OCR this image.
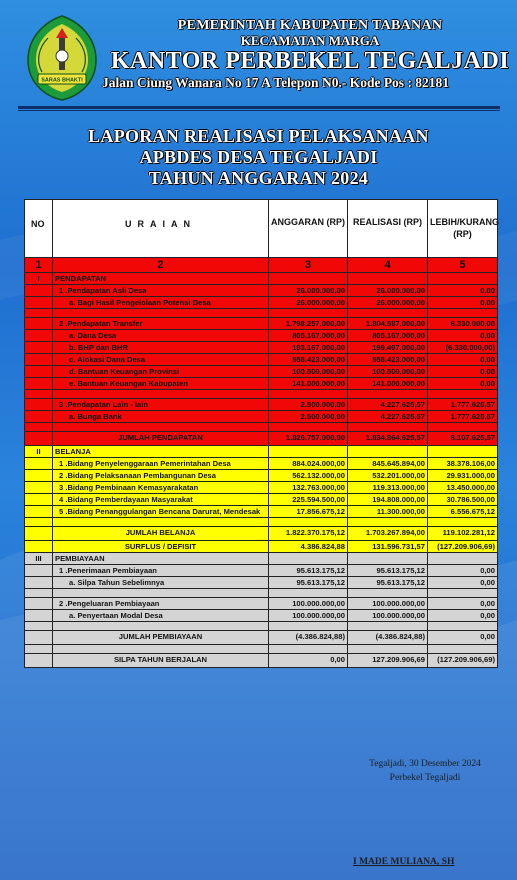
SARAS BHAKTI
PEMERINTAH KABUPATEN TABANAN
KECAMATAN MARGA
KANTOR PERBEKEL TEGALJADI
Jalan Ciung Wanara No 17 A Telepon N0.- Kode Pos : 82181
LAPORAN REALISASI PELAKSANAAN
APBDES DESA TEGALJADI
TAHUN ANGGARAN 2024
NO	URAIAN	ANGGARAN (RP)	REALISASI (RP)	LEBIH/KURANG (RP)
1	2	3	4	5
I	PENDAPATAN			
	1 .Pendapatan Asli Desa	26.000.000,00	26.000.000,00	0,00
	a. Bagi Hasil Pengelolaan Potensi Desa	26.000.000,00	26.000.000,00	0,00

	2 .Pendapatan Transfer	1.798.257.000,00	1.804.587.000,00	6.330.000,00
	a. Dana Desa	805.167.000,00	805.167.000,00	0,00
	b. BHP dan BHR	193.167.000,00	199.497.000,00	(6.330.000,00)
	c. Alokasi Dana Desa	558.423.000,00	558.423.000,00	0,00
	d. Bantuan Keuangan Provinsi	100.500.000,00	100.500.000,00	0,00
	e. Bantuan Keuangan Kabupaten	141.000.000,00	141.000.000,00	0,00

	3 .Pendapatan Lain - lain	2.500.000,00	4.227.625,57	1.777.625,57
	a. Bunga Bank	2.500.000,00	4.227.625,57	1.777.625,57

	JUMLAH PENDAPATAN	1.826.757.000,00	1.834.864.625,57	8.107.625,57
II	BELANJA			
	1 .Bidang Penyelenggaraan Pemerintahan Desa	884.024.000,00	845.645.894,00	38.378.106,00
	2 .Bidang Pelaksanaan Pembangunan Desa	562.132.000,00	532.201.000,00	29.931.000,00
	3 .Bidang Pembinaan Kemasyarakatan	132.763.000,00	119.313.000,00	13.450.000,00
	4 .Bidang Pemberdayaan Masyarakat	225.594.500,00	194.808.000,00	30.786.500,00
	5 .Bidang Penanggulangan Bencana Darurat, Mendesak	17.856.675,12	11.300.000,00	6.556.675,12

	JUMLAH BELANJA	1.822.370.175,12	1.703.267.894,00	119.102.281,12
	SURFLUS / DEFISIT	4.386.824,88	131.596.731,57	(127.209.906,69)
III	PEMBIAYAAN			
	1 .Penerimaan Pembiayaan	95.613.175,12	95.613.175,12	0,00
	a. Silpa Tahun Sebelimnya	95.613.175,12	95.613.175,12	0,00

	2 .Pengeluaran Pembiayaan	100.000.000,00	100.000.000,00	0,00
	a. Penyertaan Modal Desa	100.000.000,00	100.000.000,00	0,00

	JUMLAH PEMBIAYAAN	(4.386.824,88)	(4.386.824,88)	0,00

	SILPA TAHUN BERJALAN	0,00	127.209.906,69	(127.209.906,69)
Tegaljadi, 30 Desember 2024
Perbekel Tegaljadi
I MADE MULIANA, SH
